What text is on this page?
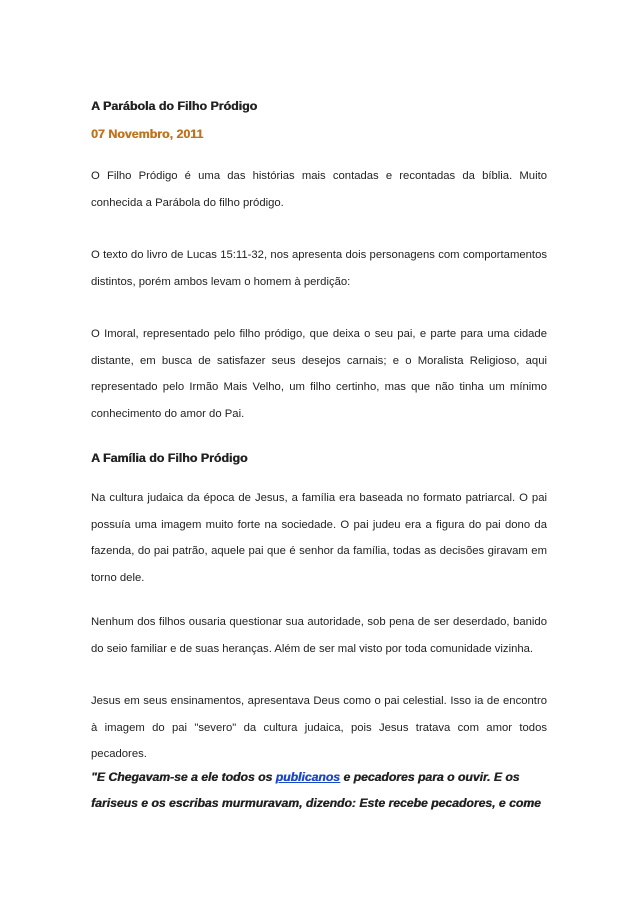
A Parábola do Filho Pródigo
07 Novembro, 2011

O Filho Pródigo é uma das histórias mais contadas e recontadas da bíblia. Muito conhecida a Parábola do filho pródigo.

O texto do livro de Lucas 15:11-32, nos apresenta dois personagens com comportamentos distintos, porém ambos levam o homem à perdição:

O Imoral, representado pelo filho pródigo, que deixa o seu pai, e parte para uma cidade distante, em busca de satisfazer seus desejos carnais; e o Moralista Religioso, aqui representado pelo Irmão Mais Velho, um filho certinho, mas que não tinha um mínimo conhecimento do amor do Pai.

A Família do Filho Pródigo

Na cultura judaica da época de Jesus, a família era baseada no formato patriarcal. O pai possuía uma imagem muito forte na sociedade. O pai judeu era a figura do pai dono da fazenda, do pai patrão, aquele pai que é senhor da família, todas as decisões giravam em torno dele.

Nenhum dos filhos ousaria questionar sua autoridade, sob pena de ser deserdado, banido do seio familiar e de suas heranças. Além de ser mal visto por toda comunidade vizinha.

Jesus em seus ensinamentos, apresentava Deus como o pai celestial. Isso ia de encontro à imagem do pai "severo" da cultura judaica, pois Jesus tratava com amor todos pecadores.

"E Chegavam-se a ele todos os publicanos e pecadores para o ouvir. E os fariseus e os escribas murmuravam, dizendo: Este recebe pecadores, e come
